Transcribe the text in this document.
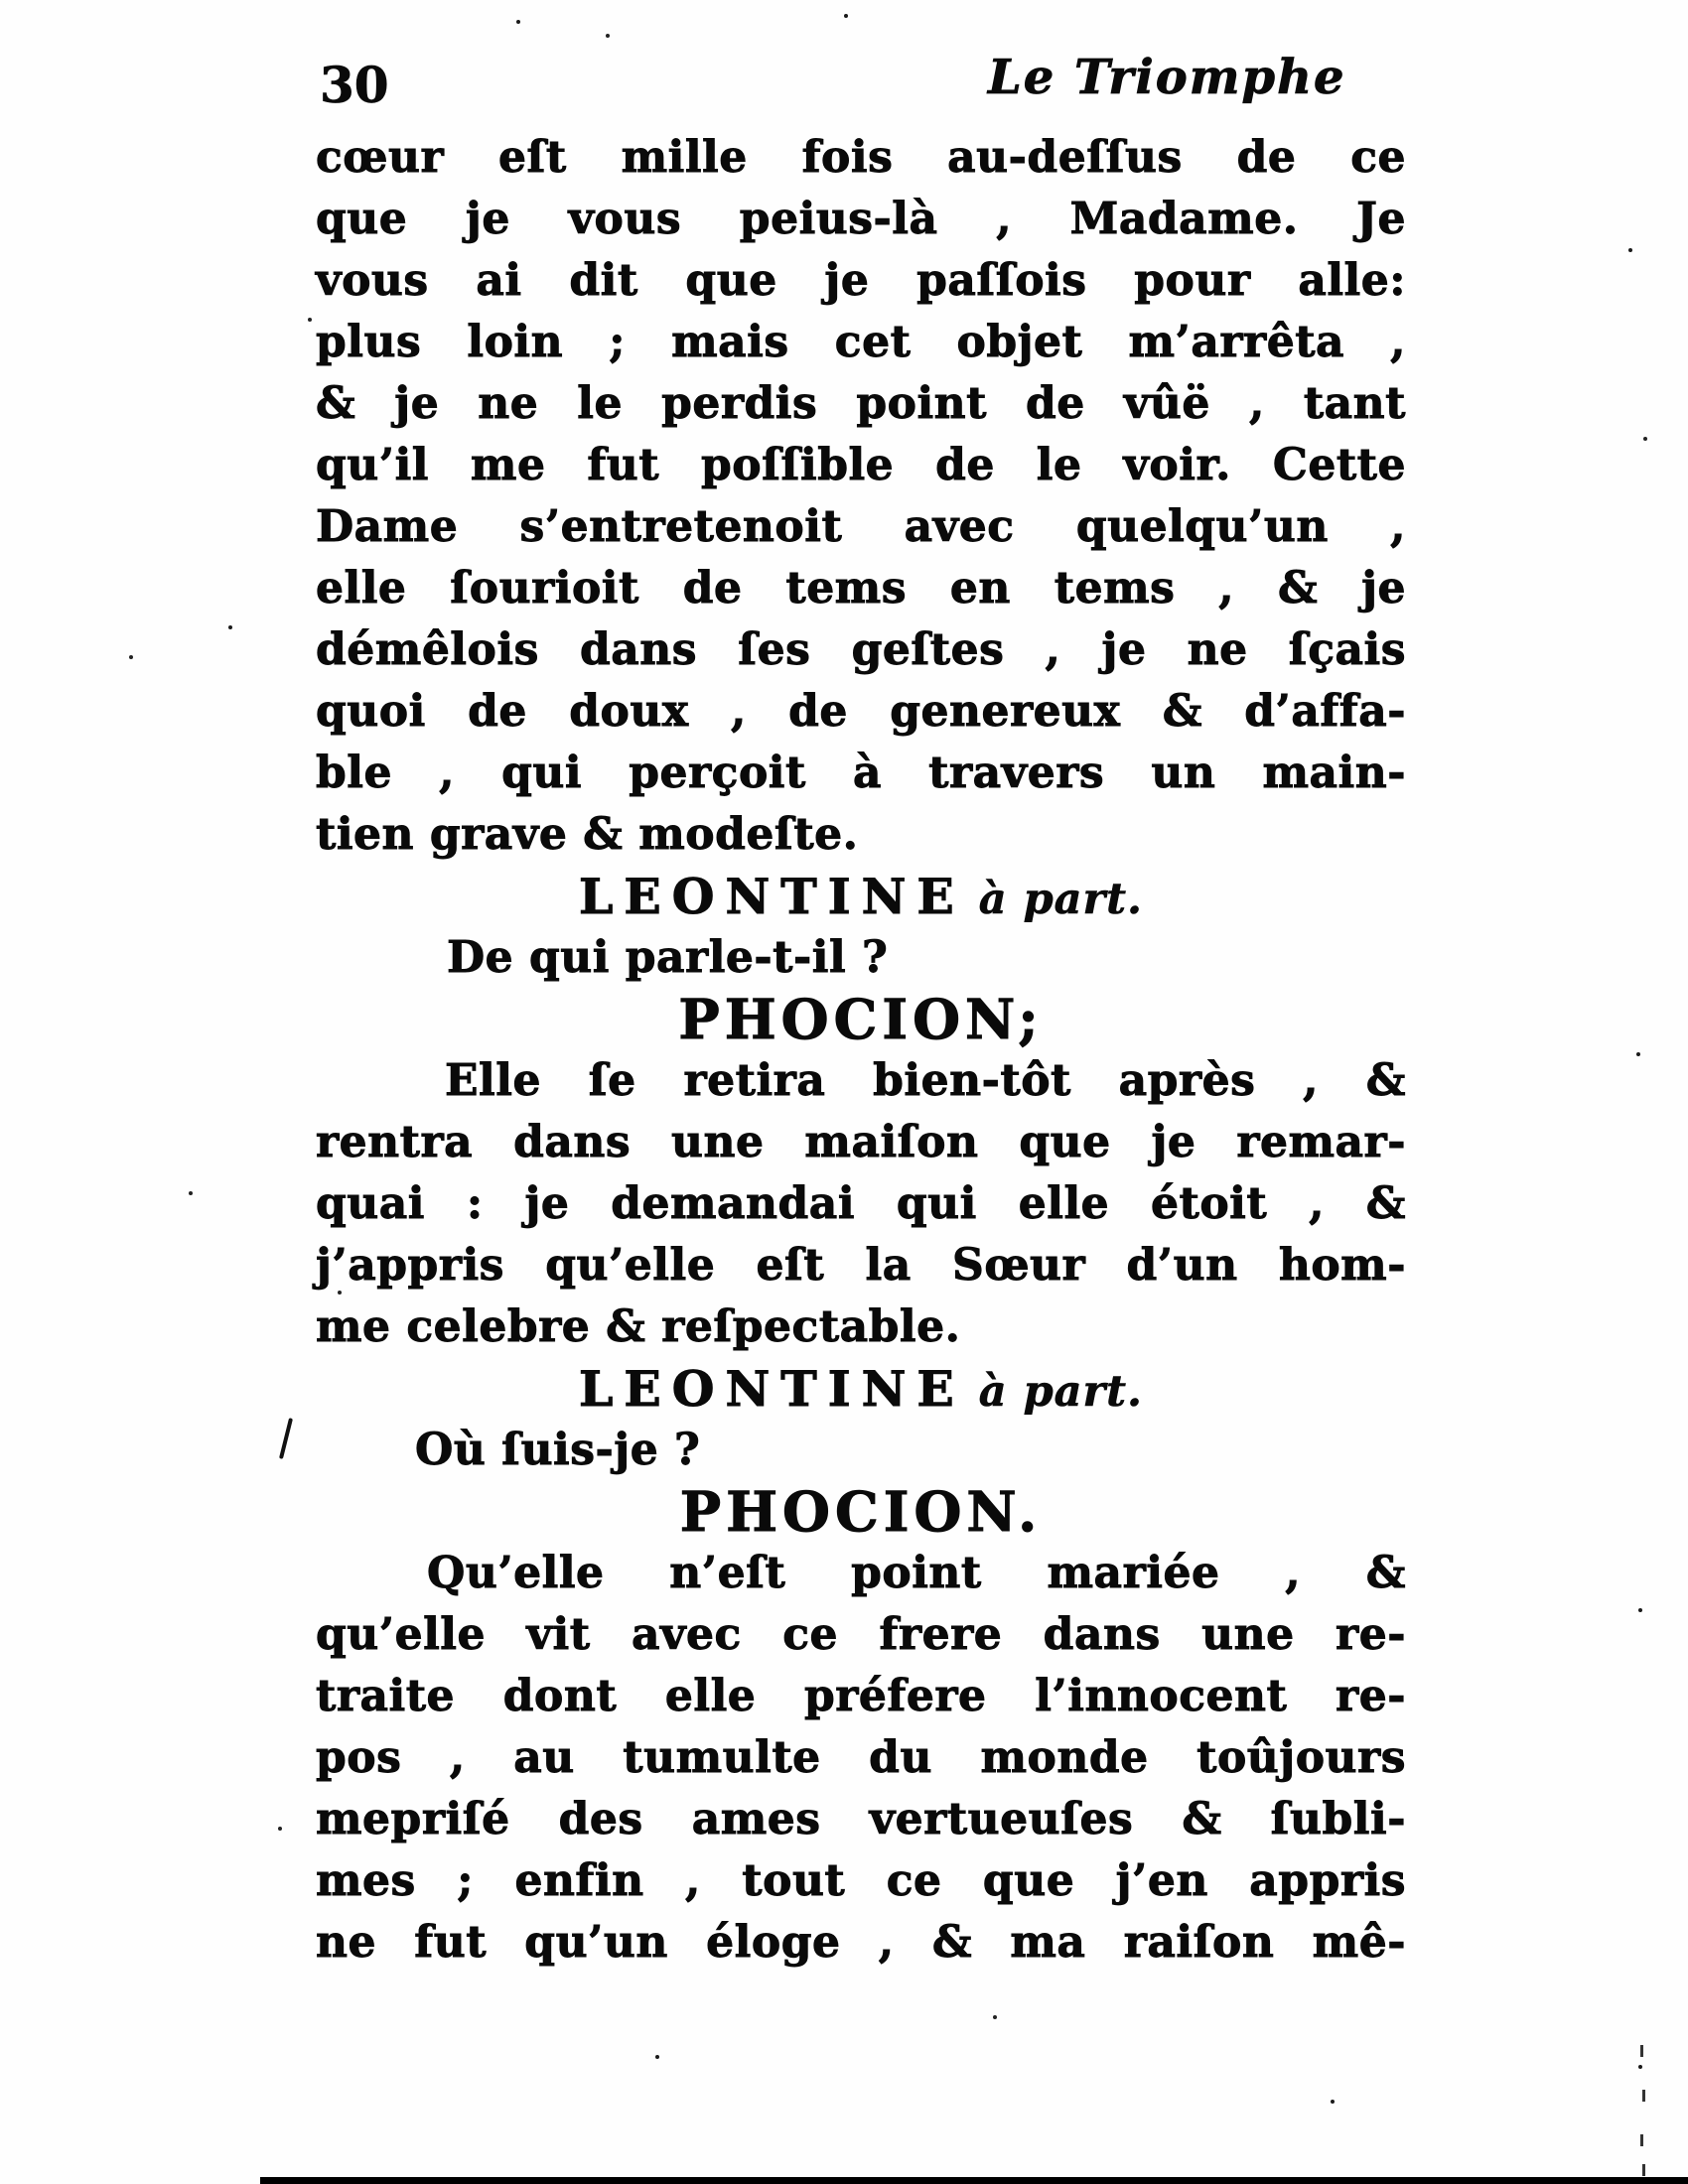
30	Le Triomphe
cœur eſt mille fois au-deſſus de ce
que je vous peius-là , Madame. Je
vous ai dit que je paſſois pour alle:
plus loin ; mais cet objet m’arrêta ,
& je ne le perdis point de vûë , tant
qu’il me fut poſſible de le voir. Cette
Dame s’entretenoit avec quelqu’un ,
elle ſourioit de tems en tems , & je
démêlois dans ſes geſtes , je ne ſçais
quoi de doux , de genereux & d’affa-
ble , qui perçoit à travers un main-
tien grave & modeſte.
LEONTINE à part.
De qui parle-t-il ?
PHOCION;
Elle ſe retira bien-tôt après , &
rentra dans une maiſon que je remar-
quai : je demandai qui elle étoit , &
j’appris qu’elle eſt la Sœur d’un hom-
me celebre & reſpectable.
LEONTINE à part.
Où ſuis-je ?
PHOCION.
Qu’elle n’eſt point mariée , &
qu’elle vit avec ce frere dans une re-
traite dont elle préfere l’innocent re-
pos , au tumulte du monde toûjours
mepriſé des ames vertueuſes & ſubli-
mes ; enfin , tout ce que j’en appris
ne fut qu’un éloge , & ma raiſon mê-
